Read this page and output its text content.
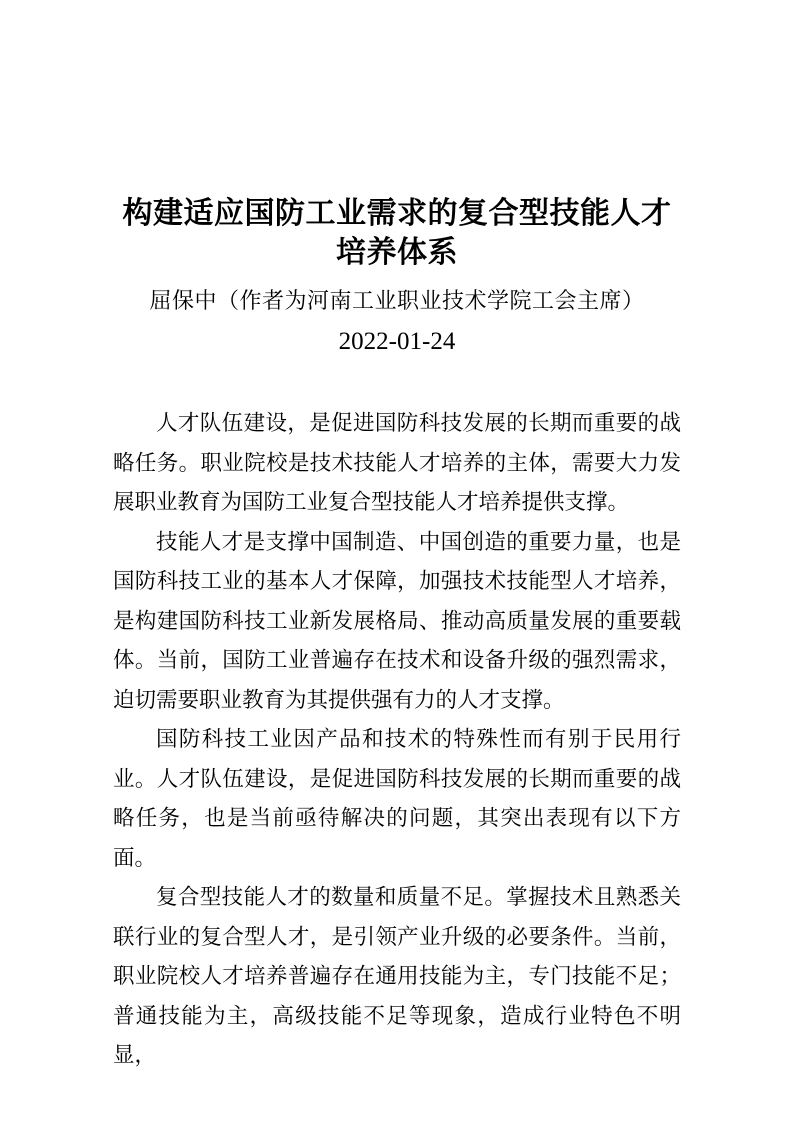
构建适应国防工业需求的复合型技能人才
培养体系
屈保中（作者为河南工业职业技术学院工会主席）
2022-01-24

人才队伍建设，是促进国防科技发展的长期而重要的战略任务。职业院校是技术技能人才培养的主体，需要大力发展职业教育为国防工业复合型技能人才培养提供支撑。

技能人才是支撑中国制造、中国创造的重要力量，也是国防科技工业的基本人才保障，加强技术技能型人才培养，是构建国防科技工业新发展格局、推动高质量发展的重要载体。当前，国防工业普遍存在技术和设备升级的强烈需求，迫切需要职业教育为其提供强有力的人才支撑。

国防科技工业因产品和技术的特殊性而有别于民用行业。人才队伍建设，是促进国防科技发展的长期而重要的战略任务，也是当前亟待解决的问题，其突出表现有以下方面。

复合型技能人才的数量和质量不足。掌握技术且熟悉关联行业的复合型人才，是引领产业升级的必要条件。当前，职业院校人才培养普遍存在通用技能为主，专门技能不足；普通技能为主，高级技能不足等现象，造成行业特色不明显，
